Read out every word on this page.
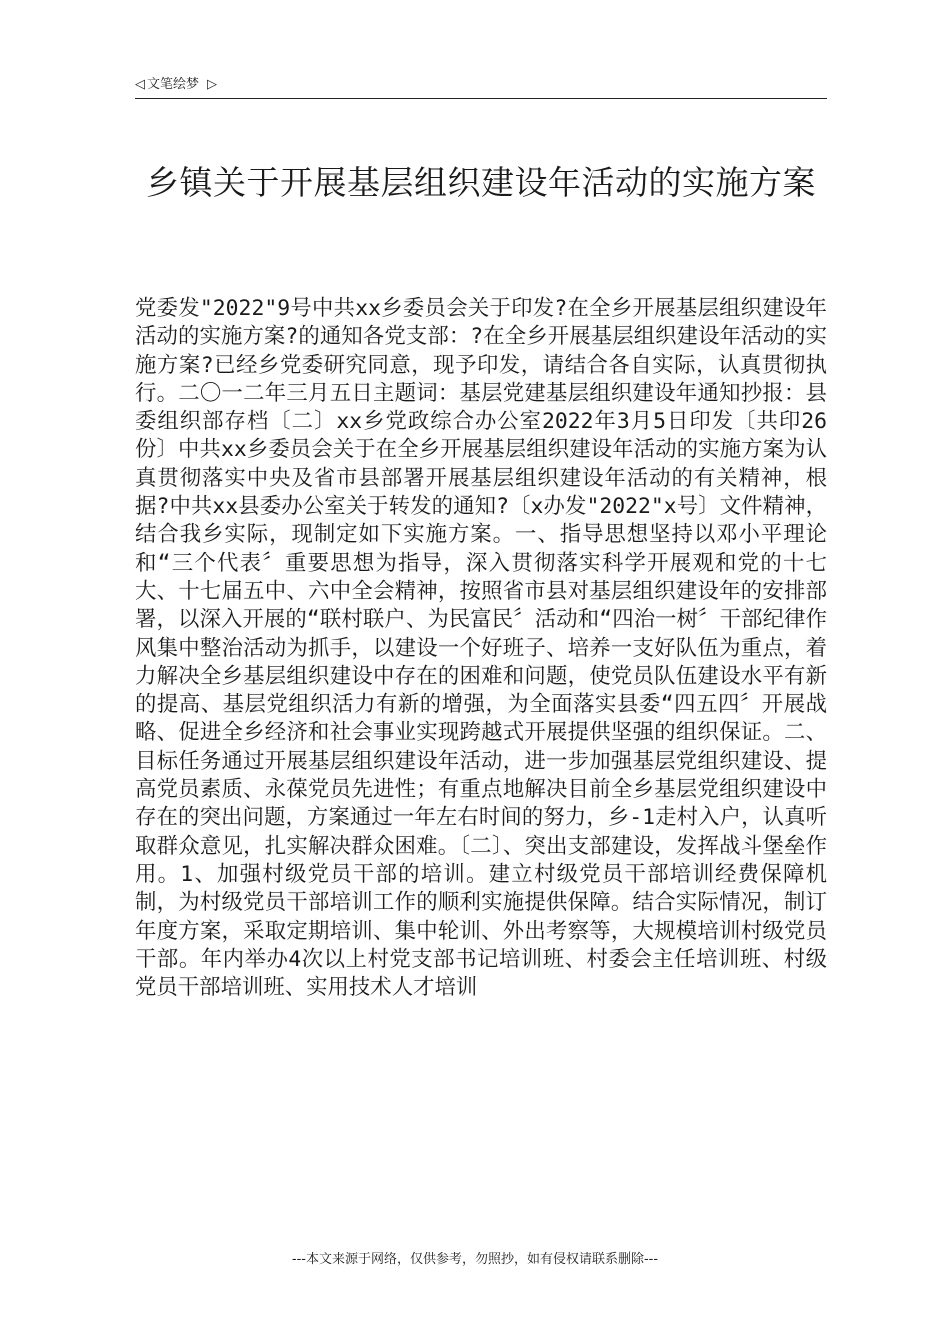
◁ 文笔绘梦 ▷
乡镇关于开展基层组织建设年活动的实施方案

党委发"2022"9号中共xx乡委员会关于印发?在全乡开展基层组织建设年活动的实施方案?的通知各党支部：?在全乡开展基层组织建设年活动的实施方案?已经乡党委研究同意，现予印发，请结合各自实际，认真贯彻执行。二〇一二年三月五日主题词：基层党建基层组织建设年通知抄报：县委组织部存档〔二〕xx乡党政综合办公室2022年3月5日印发〔共印26份〕中共xx乡委员会关于在全乡开展基层组织建设年活动的实施方案为认真贯彻落实中央及省市县部署开展基层组织建设年活动的有关精神，根据?中共xx县委办公室关于转发的通知?〔x办发"2022"x号〕文件精神，结合我乡实际，现制定如下实施方案。一、指导思想坚持以邓小平理论和“三个代表〞重要思想为指导，深入贯彻落实科学开展观和党的十七大、十七届五中、六中全会精神，按照省市县对基层组织建设年的安排部署，以深入开展的“联村联户、为民富民〞活动和“四治一树〞干部纪律作风集中整治活动为抓手，以建设一个好班子、培养一支好队伍为重点，着力解决全乡基层组织建设中存在的困难和问题，使党员队伍建设水平有新的提高、基层党组织活力有新的增强，为全面落实县委“四五四〞开展战略、促进全乡经济和社会事业实现跨越式开展提供坚强的组织保证。二、目标任务通过开展基层组织建设年活动，进一步加强基层党组织建设、提高党员素质、永葆党员先进性；有重点地解决目前全乡基层党组织建设中存在的突出问题，方案通过一年左右时间的努力，乡-1走村入户，认真听取群众意见，扎实解决群众困难。〔二〕、突出支部建设，发挥战斗堡垒作用。1、加强村级党员干部的培训。建立村级党员干部培训经费保障机制，为村级党员干部培训工作的顺利实施提供保障。结合实际情况，制订年度方案，采取定期培训、集中轮训、外出考察等，大规模培训村级党员干部。年内举办4次以上村党支部书记培训班、村委会主任培训班、村级党员干部培训班、实用技术人才培训

---本文来源于网络，仅供参考，勿照抄，如有侵权请联系删除---
